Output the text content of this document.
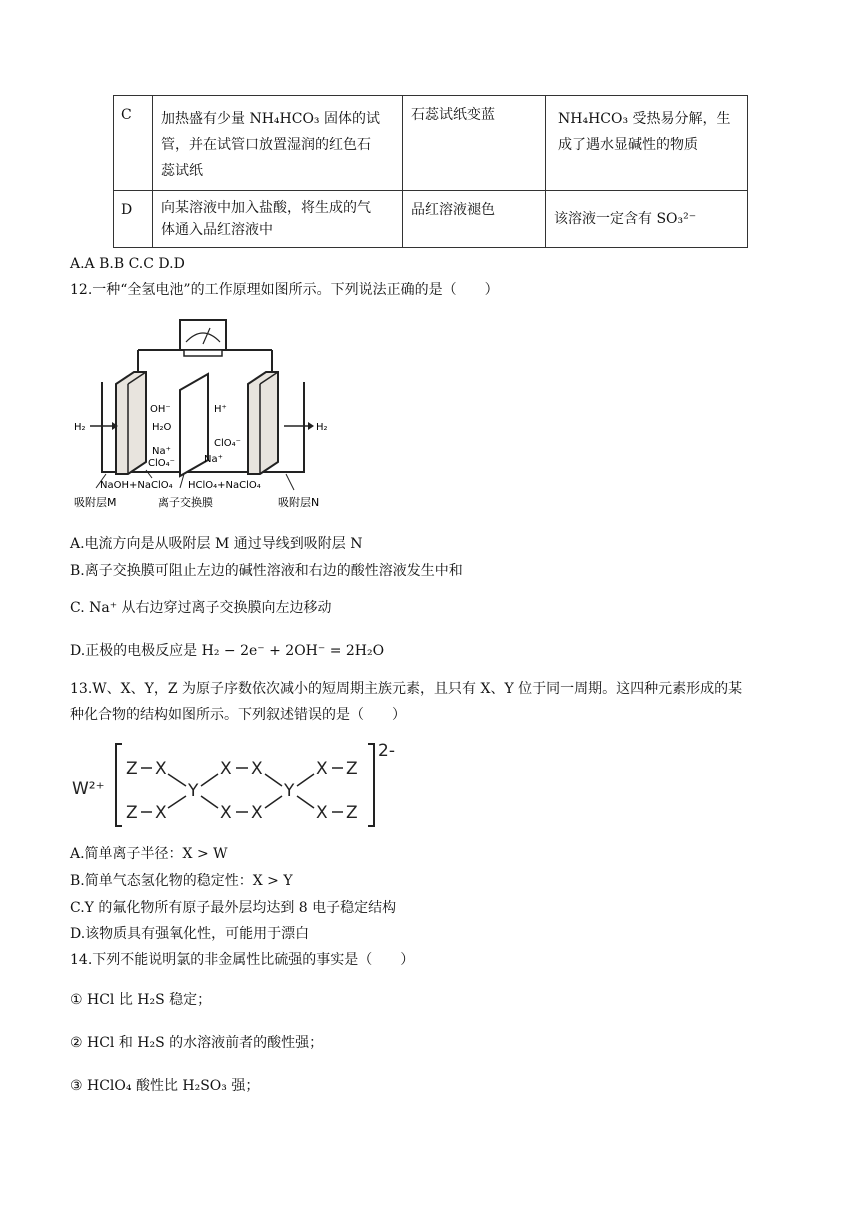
C	加热盛有少量 NH₄HCO₃ 固体的试
管，并在试管口放置湿润的红色石
蕊试纸	石蕊试纸变蓝	NH₄HCO₃ 受热易分解，生
成了遇水显碱性的物质

D	向某溶液中加入盐酸，将生成的气
体通入品红溶液中	品红溶液褪色	该溶液一定含有 SO₃²⁻
A.A B.B C.C D.D
12.一种“全氢电池”的工作原理如图所示。下列说法正确的是（　　）
H₂	H₂
OH⁻
H₂O
Na⁺
ClO₄⁻
H⁺
ClO₄⁻
Na⁺
NaOH+NaClO₄ HClO₄+NaClO₄
吸附层M	离子交换膜	吸附层N
A.电流方向是从吸附层 M 通过导线到吸附层 N
B.离子交换膜可阻止左边的碱性溶液和右边的酸性溶液发生中和
C. Na⁺ 从右边穿过离子交换膜向左边移动
D.正极的电极反应是 H₂ − 2e⁻ + 2OH⁻ = 2H₂O
13.W、X、Y，Z 为原子序数依次减小的短周期主族元素，且只有 X、Y 位于同一周期。这四种元素形成的某
种化合物的结构如图所示。下列叙述错误的是（　　）
W²⁺
2-
Z X	X X	X Z
Y	Y
Z X	X X	X Z
A.简单离子半径：X > W
B.简单气态氢化物的稳定性：X > Y
C.Y 的氟化物所有原子最外层均达到 8 电子稳定结构
D.该物质具有强氧化性，可能用于漂白
14.下列不能说明氯的非金属性比硫强的事实是（　　）
① HCl 比 H₂S 稳定；
② HCl 和 H₂S 的水溶液前者的酸性强；
③ HClO₄ 酸性比 H₂SO₃ 强；
